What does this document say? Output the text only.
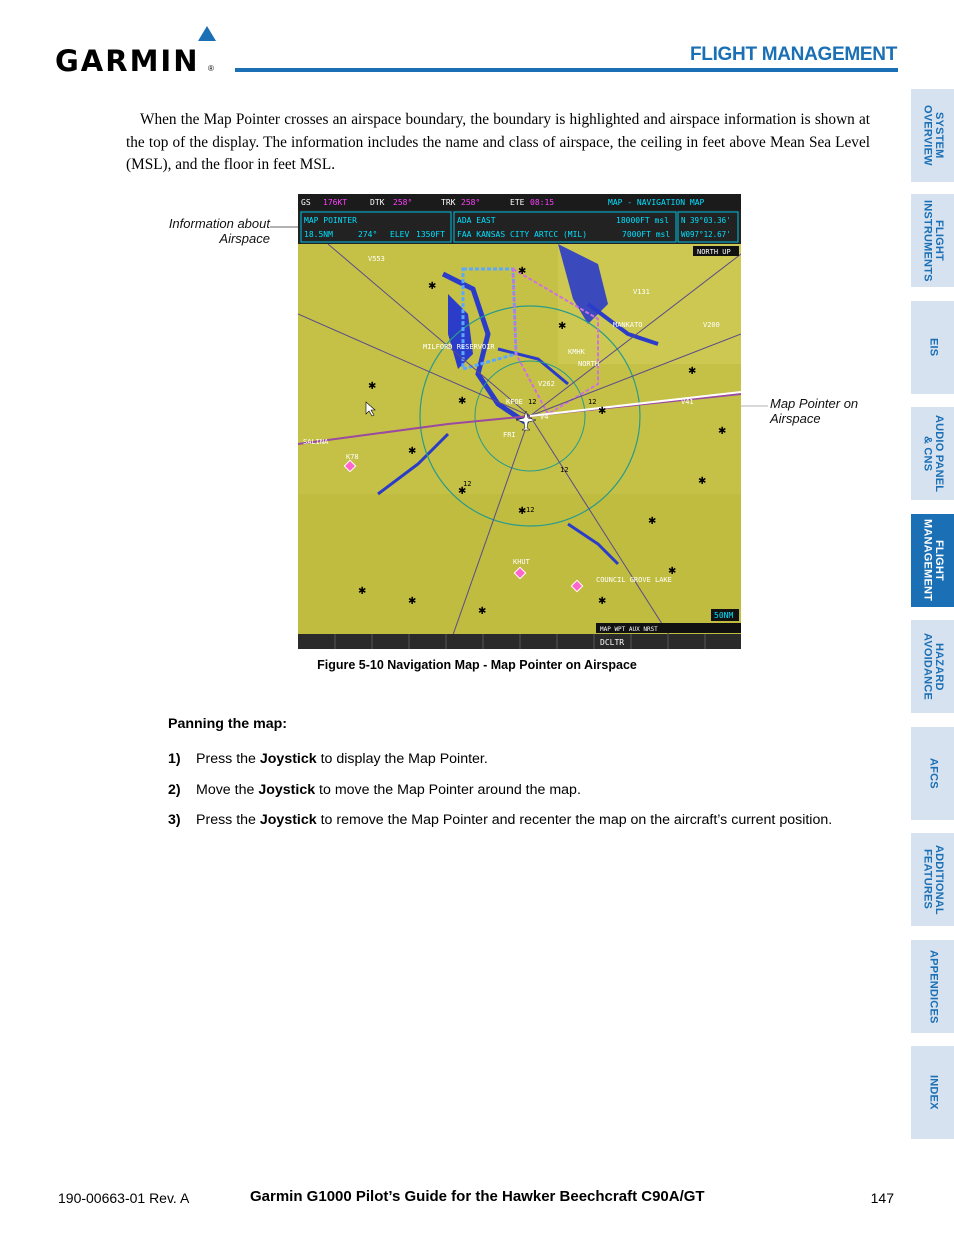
GARMIN ®
FLIGHT MANAGEMENT
When the Map Pointer crosses an airspace boundary, the boundary is highlighted and airspace information is shown at the top of the display. The information includes the name and class of airspace, the ceiling in feet above Mean Sea Level (MSL), and the floor in feet MSL.
Information about Airspace
Map Pointer on Airspace
✱
✱
✱
✱
✱
✱
✱
✱
✱
✱
✱
✱
✱
✱	✱
✱
✱
✱
V553
V131
V200
V262
KFOE
V4
V41
K78
KHUT
COUNCIL GROVE LAKE
MANKATO
MILFORD RESERVOIR
KMHK
NORTH
SALINA
FRI
12
12
12
12
12
GS 176KT	DTK 258°	TRK 258°	ETE 08:15	MAP - NAVIGATION MAP
MAP POINTER
18.5NM	274° ELEV 1350FT
ADA EAST
FAA KANSAS CITY ARTCC (MIL)
18000FT msl
7000FT msl
N 39°03.36'
W097°12.67'
NORTH UP
50NM
MAP WPT AUX NRST
DCLTR
Figure 5-10 Navigation Map - Map Pointer on Airspace
Panning the map:
1) Press the Joystick to display the Map Pointer.
2) Move the Joystick to move the Map Pointer around the map.
3) Press the Joystick to remove the Map Pointer and recenter the map on the aircraft’s current position.
SYSTEM
OVERVIEW
FLIGHT
INSTRUMENTS
EIS
AUDIO PANEL
& CNS
FLIGHT
MANAGEMENT
HAZARD
AVOIDANCE
AFCS
ADDITIONAL
FEATURES
APPENDICES
INDEX
190-00663-01 Rev. A	Garmin G1000 Pilot’s Guide for the Hawker Beechcraft C90A/GT	147
